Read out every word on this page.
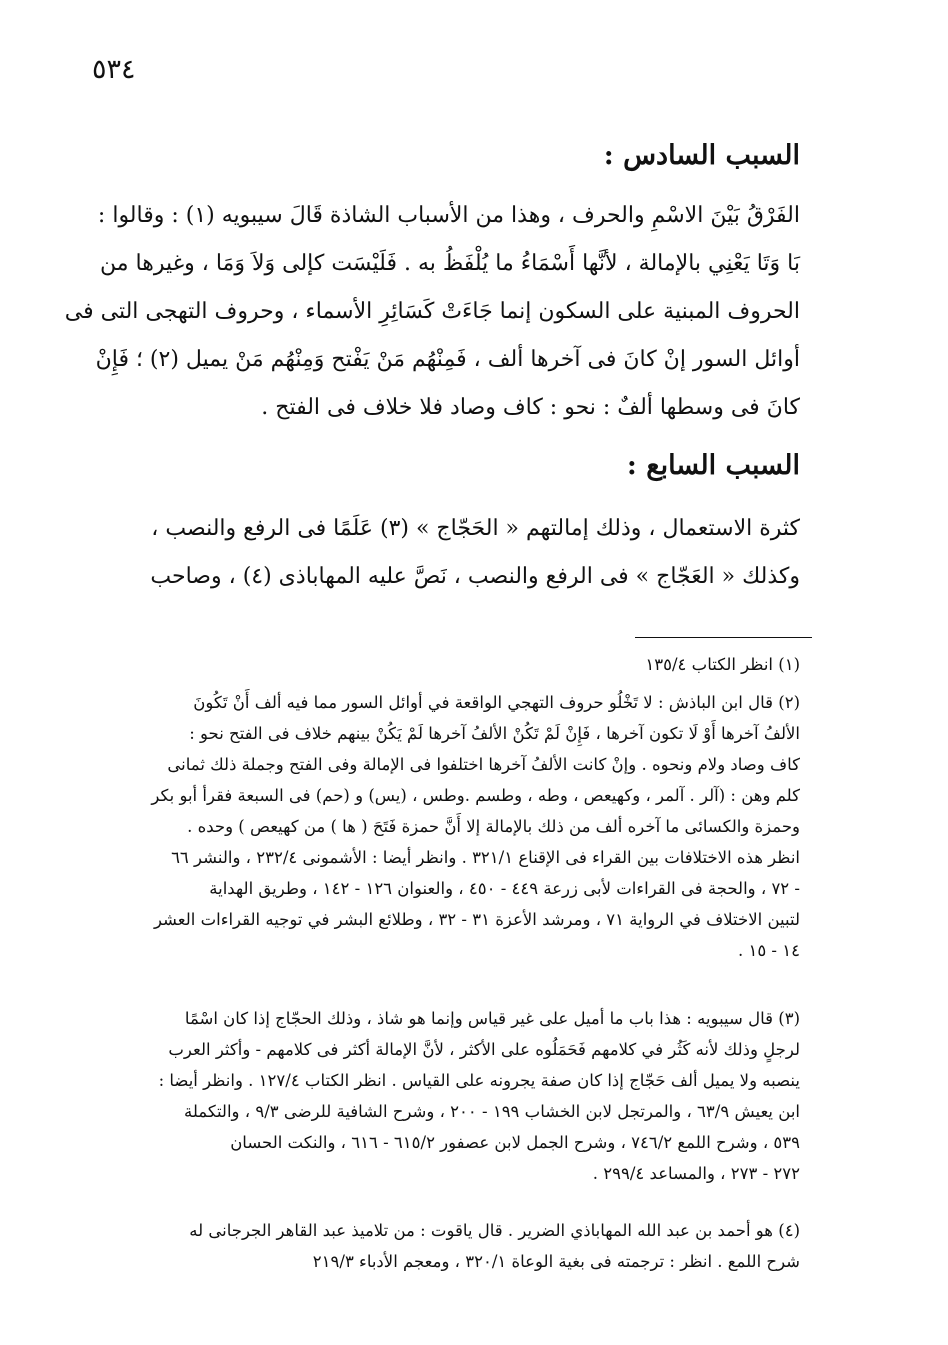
٥٣٤
السبب السادس :
الفَرْقُ بَيْنَ الاسْمِ والحرف ، وهذا من الأسباب الشاذة قَالَ سيبويه (١) : وقالوا :
بَا وَتَا يَعْنِي بالإمالة ، لأنَّها أَسْمَاءُ ما يُلْفَظُ به . فَلَيْسَت كإلى وَلاَ وَمَا ، وغيرها من
الحروف المبنية على السكون إنما جَاءَتْ كَسَائِرِ الأسماء ، وحروف التهجى التى فى
أوائل السور إنْ كانَ فى آخرها ألف ، فَمِنْهُم مَنْ يَفْتح وَمِنْهُم مَنْ يميل (٢) ؛ فَإِنْ
كانَ فى وسطها ألفٌ : نحو : كاف وصاد فلا خلاف فى الفتح .
السبب السابع :
كثرة الاستعمال ، وذلك إمالتهم « الحَجّاج » (٣) عَلَمًا فى الرفع والنصب ،
وكذلك « العَجّاج » فى الرفع والنصب ، نَصَّ عليه المهاباذى (٤) ، وصاحب
(١) انظر الكتاب ١٣٥/٤
(٢) قال ابن الباذش : لا تَخْلُو حروف التهجي الواقعة في أوائل السور مما فيه ألف أَنْ تَكُونَ
الألفُ آخرها أَوْ لَا تكون آخرها ، فَإِنْ لَمْ تَكُنْ الألفُ آخرها لَمْ يَكُنْ بينهم خلاف فى الفتح نحو :
كاف وصاد ولام ونحوه . وإنْ كانت الألفُ آخرها اختلفوا فى الإمالة وفى الفتح وجملة ذلك ثمانى
كلم وهن : (آلر . آلمر ، وكهيعص ، وطه ، وطسم .وطس ، (يس) و (حم) فى السبعة فقرأ أبو بكر
وحمزة والكسائى ما آخره ألف من ذلك بالإمالة إلا أَنَّ حمزة فَتَحَ ( ها ) من كهيعص ) وحده .
انظر هذه الاختلافات بين القراء فى الإقناع ٣٢١/١ . وانظر أيضا : الأشمونى ٢٣٢/٤ ، والنشر ٦٦
- ٧٢ ، والحجة فى القراءات لأبى زرعة ٤٤٩ - ٤٥٠ ، والعنوان ١٢٦ - ١٤٢ ، وطريق الهداية
لتبين الاختلاف في الرواية ٧١ ، ومرشد الأعزة ٣١ - ٣٢ ، وطلائع البشر في توجيه القراءات العشر
١٤ - ١٥ .
(٣) قال سيبويه : هذا باب ما أميل على غير قياس وإنما هو شاذ ، وذلك الحجّاج إذا كان اسْمًا
لرجلٍ وذلك لأنه كَثُر في كلامهم فَحَمَلُوه على الأكثر ، لأنَّ الإمالة أكثر فى كلامهم - وأكثر العرب
ينصبه ولا يميل ألف حَجّاج إذا كان صفة يجرونه على القياس . انظر الكتاب ١٢٧/٤ . وانظر أيضا :
ابن يعيش ٦٣/٩ ، والمرتجل لابن الخشاب ١٩٩ - ٢٠٠ ، وشرح الشافية للرضى ٩/٣ ، والتكملة
٥٣٩ ، وشرح اللمع ٧٤٦/٢ ، وشرح الجمل لابن عصفور ٦١٥/٢ - ٦١٦ ، والنكت الحسان
٢٧٢ - ٢٧٣ ، والمساعد ٢٩٩/٤ .
(٤) هو أحمد بن عبد الله المهاباذي الضرير . قال ياقوت : من تلاميذ عبد القاهر الجرجانى له
شرح اللمع . انظر : ترجمته فى بغية الوعاة ٣٢٠/١ ، ومعجم الأدباء ٢١٩/٣
